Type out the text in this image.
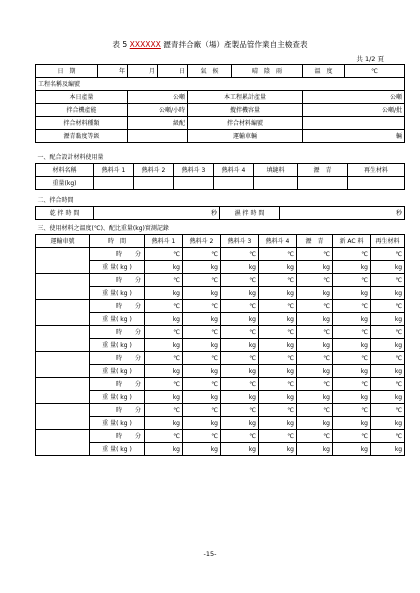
表 5 XXXXXX 瀝青拌合廠（場）產製品管作業自主檢查表
共 1/2 頁
日　期	年	月	日	氣　候	晴　陰　雨	溫　度	℃
工程名稱及編號							
本日產量		公噸		本工程累計產量		公噸	
拌合機產能		公噸/小時		攪拌機容量		公噸/批	
拌合材料種類		級配		拌合材料編號			
瀝青黏度等級				運輸車輛		輛	
一、配合設計材料使用量							
材料名稱	熱料斗 1	熱料斗 2	熱料斗 3	熱料斗 4	填縫料	瀝　青	再生材料
重量(kg)							
二、拌合時間
乾 拌 時 間	秒	濕 拌 時 間	秒
三、使用材料之溫度(℃)、配比重量(kg)實測記錄								
運輸車號	時　間	熱料斗 1	熱料斗 2	熱料斗 3	熱料斗 4	瀝　青	新 AC 料	再生材料
	時 分	℃	℃	℃	℃	℃	℃	℃
	重 量( kg )	kg	kg	kg	kg	kg	kg	kg
	時 分	℃	℃	℃	℃	℃	℃	℃
	重 量( kg )	kg	kg	kg	kg	kg	kg	kg
	時 分	℃	℃	℃	℃	℃	℃	℃
	重 量( kg )	kg	kg	kg	kg	kg	kg	kg
	時 分	℃	℃	℃	℃	℃	℃	℃
	重 量( kg )	kg	kg	kg	kg	kg	kg	kg
	時 分	℃	℃	℃	℃	℃	℃	℃
	重 量( kg )	kg	kg	kg	kg	kg	kg	kg
	時 分	℃	℃	℃	℃	℃	℃	℃
	重 量( kg )	kg	kg	kg	kg	kg	kg	kg
	時 分	℃	℃	℃	℃	℃	℃	℃
	重 量( kg )	kg	kg	kg	kg	kg	kg	kg
	時 分	℃	℃	℃	℃	℃	℃	℃
	重 量( kg )	kg	kg	kg	kg	kg	kg	kg
-15-
